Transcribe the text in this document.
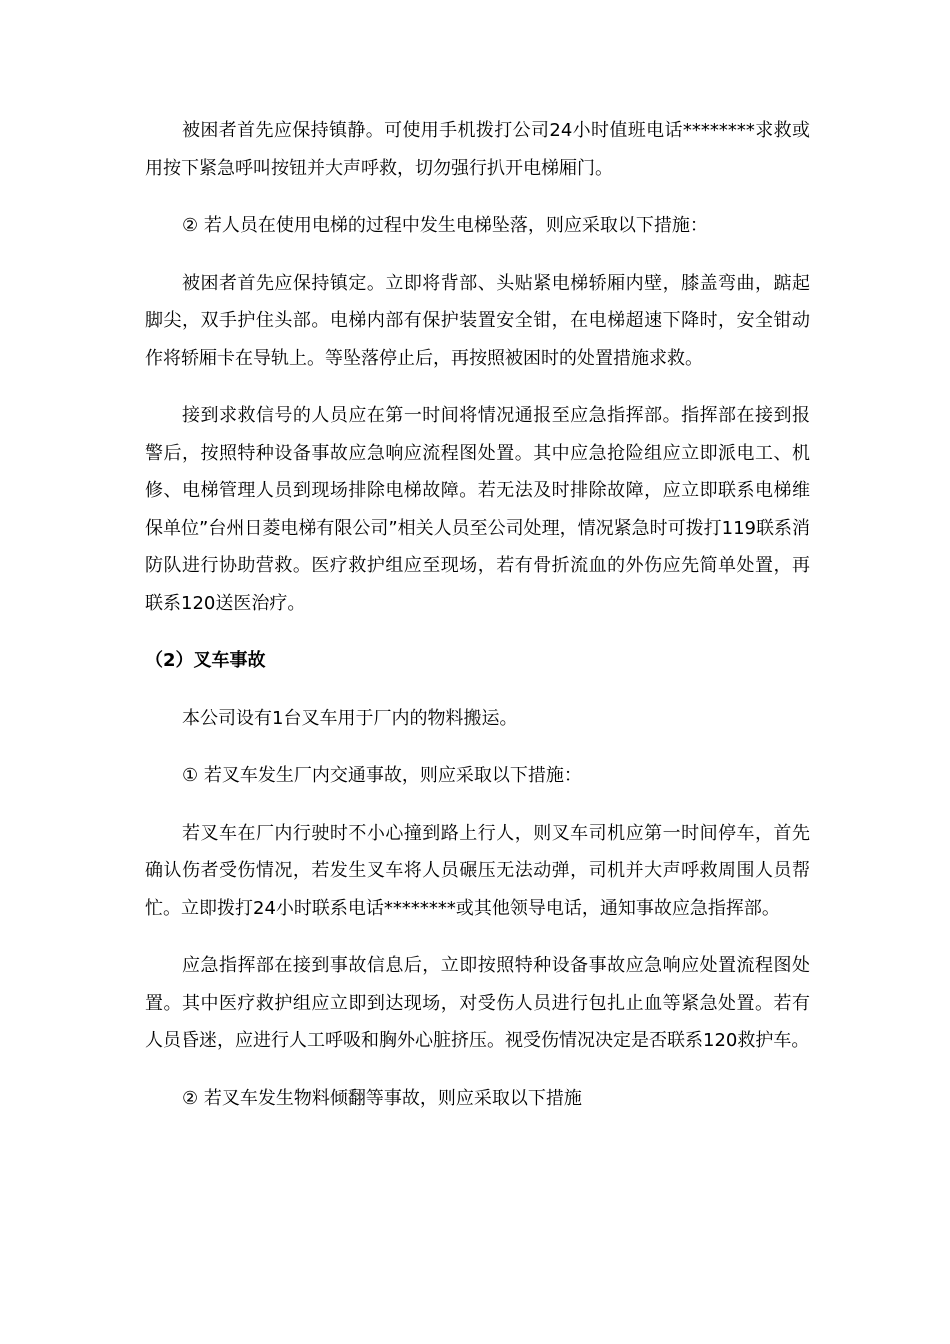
被困者首先应保持镇静。可使用手机拨打公司24小时值班电话********求救或用按下紧急呼叫按钮并大声呼救，切勿强行扒开电梯厢门。

② 若人员在使用电梯的过程中发生电梯坠落，则应采取以下措施：

被困者首先应保持镇定。立即将背部、头贴紧电梯轿厢内壁，膝盖弯曲，踮起脚尖，双手护住头部。电梯内部有保护装置安全钳，在电梯超速下降时，安全钳动作将轿厢卡在导轨上。等坠落停止后，再按照被困时的处置措施求救。

接到求救信号的人员应在第一时间将情况通报至应急指挥部。指挥部在接到报警后，按照特种设备事故应急响应流程图处置。其中应急抢险组应立即派电工、机修、电梯管理人员到现场排除电梯故障。若无法及时排除故障，应立即联系电梯维保单位”台州日菱电梯有限公司”相关人员至公司处理，情况紧急时可拨打119联系消防队进行协助营救。医疗救护组应至现场，若有骨折流血的外伤应先简单处置，再联系120送医治疗。

（2）叉车事故

本公司设有1台叉车用于厂内的物料搬运。

① 若叉车发生厂内交通事故，则应采取以下措施：

若叉车在厂内行驶时不小心撞到路上行人，则叉车司机应第一时间停车，首先确认伤者受伤情况，若发生叉车将人员碾压无法动弹，司机并大声呼救周围人员帮忙。立即拨打24小时联系电话********或其他领导电话，通知事故应急指挥部。

应急指挥部在接到事故信息后，立即按照特种设备事故应急响应处置流程图处置。其中医疗救护组应立即到达现场，对受伤人员进行包扎止血等紧急处置。若有人员昏迷，应进行人工呼吸和胸外心脏挤压。视受伤情况决定是否联系120救护车。

② 若叉车发生物料倾翻等事故，则应采取以下措施
